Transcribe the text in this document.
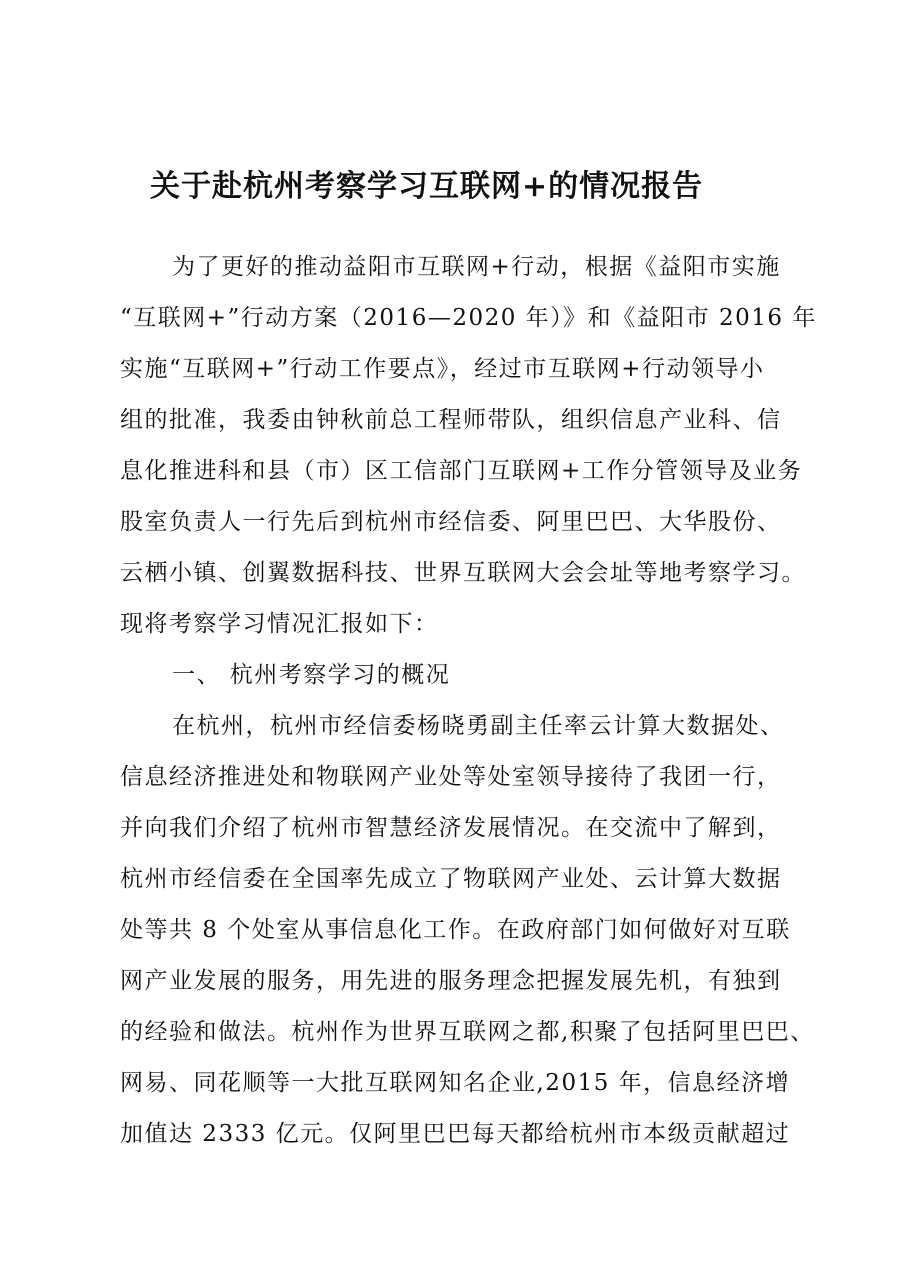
关于赴杭州考察学习互联网+的情况报告
为了更好的推动益阳市互联网+行动，根据《益阳市实施
“互联网+”行动方案（2016—2020 年）》和《益阳市 2016 年
实施“互联网+”行动工作要点》，经过市互联网+行动领导小
组的批准，我委由钟秋前总工程师带队，组织信息产业科、信
息化推进科和县（市）区工信部门互联网+工作分管领导及业务
股室负责人一行先后到杭州市经信委、阿里巴巴、大华股份、
云栖小镇、创翼数据科技、世界互联网大会会址等地考察学习。
现将考察学习情况汇报如下：
一、 杭州考察学习的概况
在杭州，杭州市经信委杨晓勇副主任率云计算大数据处、
信息经济推进处和物联网产业处等处室领导接待了我团一行，
并向我们介绍了杭州市智慧经济发展情况。在交流中了解到，
杭州市经信委在全国率先成立了物联网产业处、云计算大数据
处等共 8 个处室从事信息化工作。在政府部门如何做好对互联
网产业发展的服务，用先进的服务理念把握发展先机，有独到
的经验和做法。杭州作为世界互联网之都,积聚了包括阿里巴巴、
网易、同花顺等一大批互联网知名企业,2015 年，信息经济增
加值达 2333 亿元。仅阿里巴巴每天都给杭州市本级贡献超过
